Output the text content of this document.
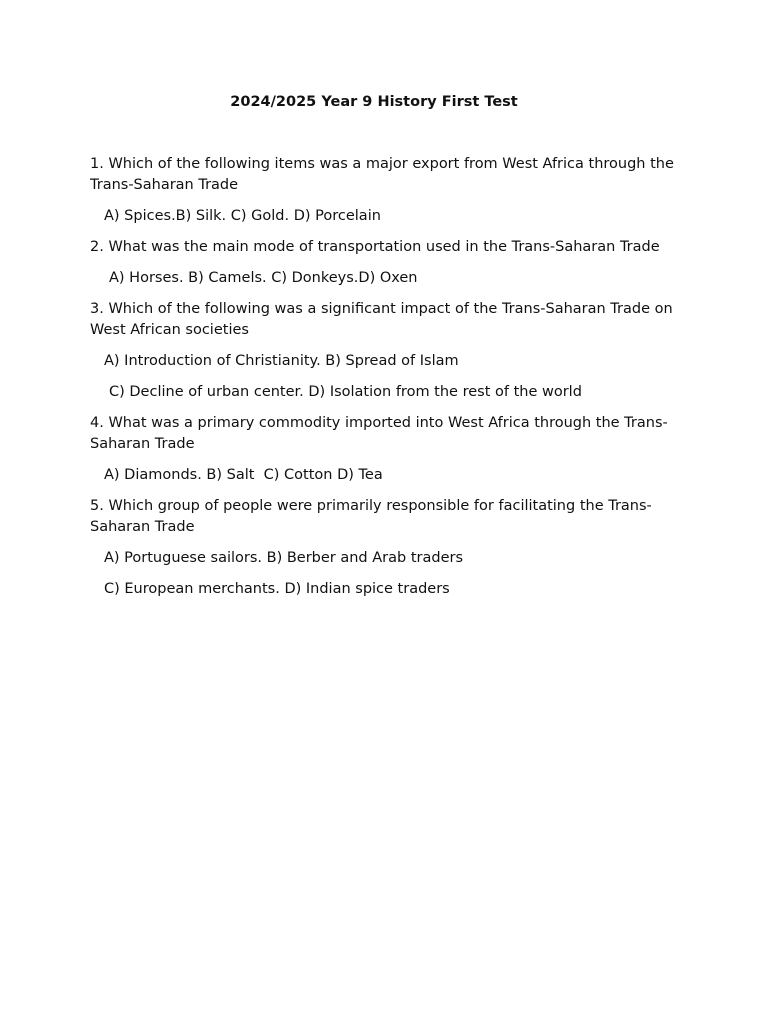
2024/2025 Year 9 History First Test

1. Which of the following items was a major export from West Africa through the Trans-Saharan Trade

A) Spices.B) Silk. C) Gold. D) Porcelain

2. What was the main mode of transportation used in the Trans-Saharan Trade

A) Horses. B) Camels. C) Donkeys.D) Oxen

3. Which of the following was a significant impact of the Trans-Saharan Trade on West African societies

A) Introduction of Christianity. B) Spread of Islam

C) Decline of urban center. D) Isolation from the rest of the world

4. What was a primary commodity imported into West Africa through the Trans-Saharan Trade

A) Diamonds. B) Salt  C) Cotton D) Tea

5. Which group of people were primarily responsible for facilitating the Trans-Saharan Trade

A) Portuguese sailors. B) Berber and Arab traders

C) European merchants. D) Indian spice traders
